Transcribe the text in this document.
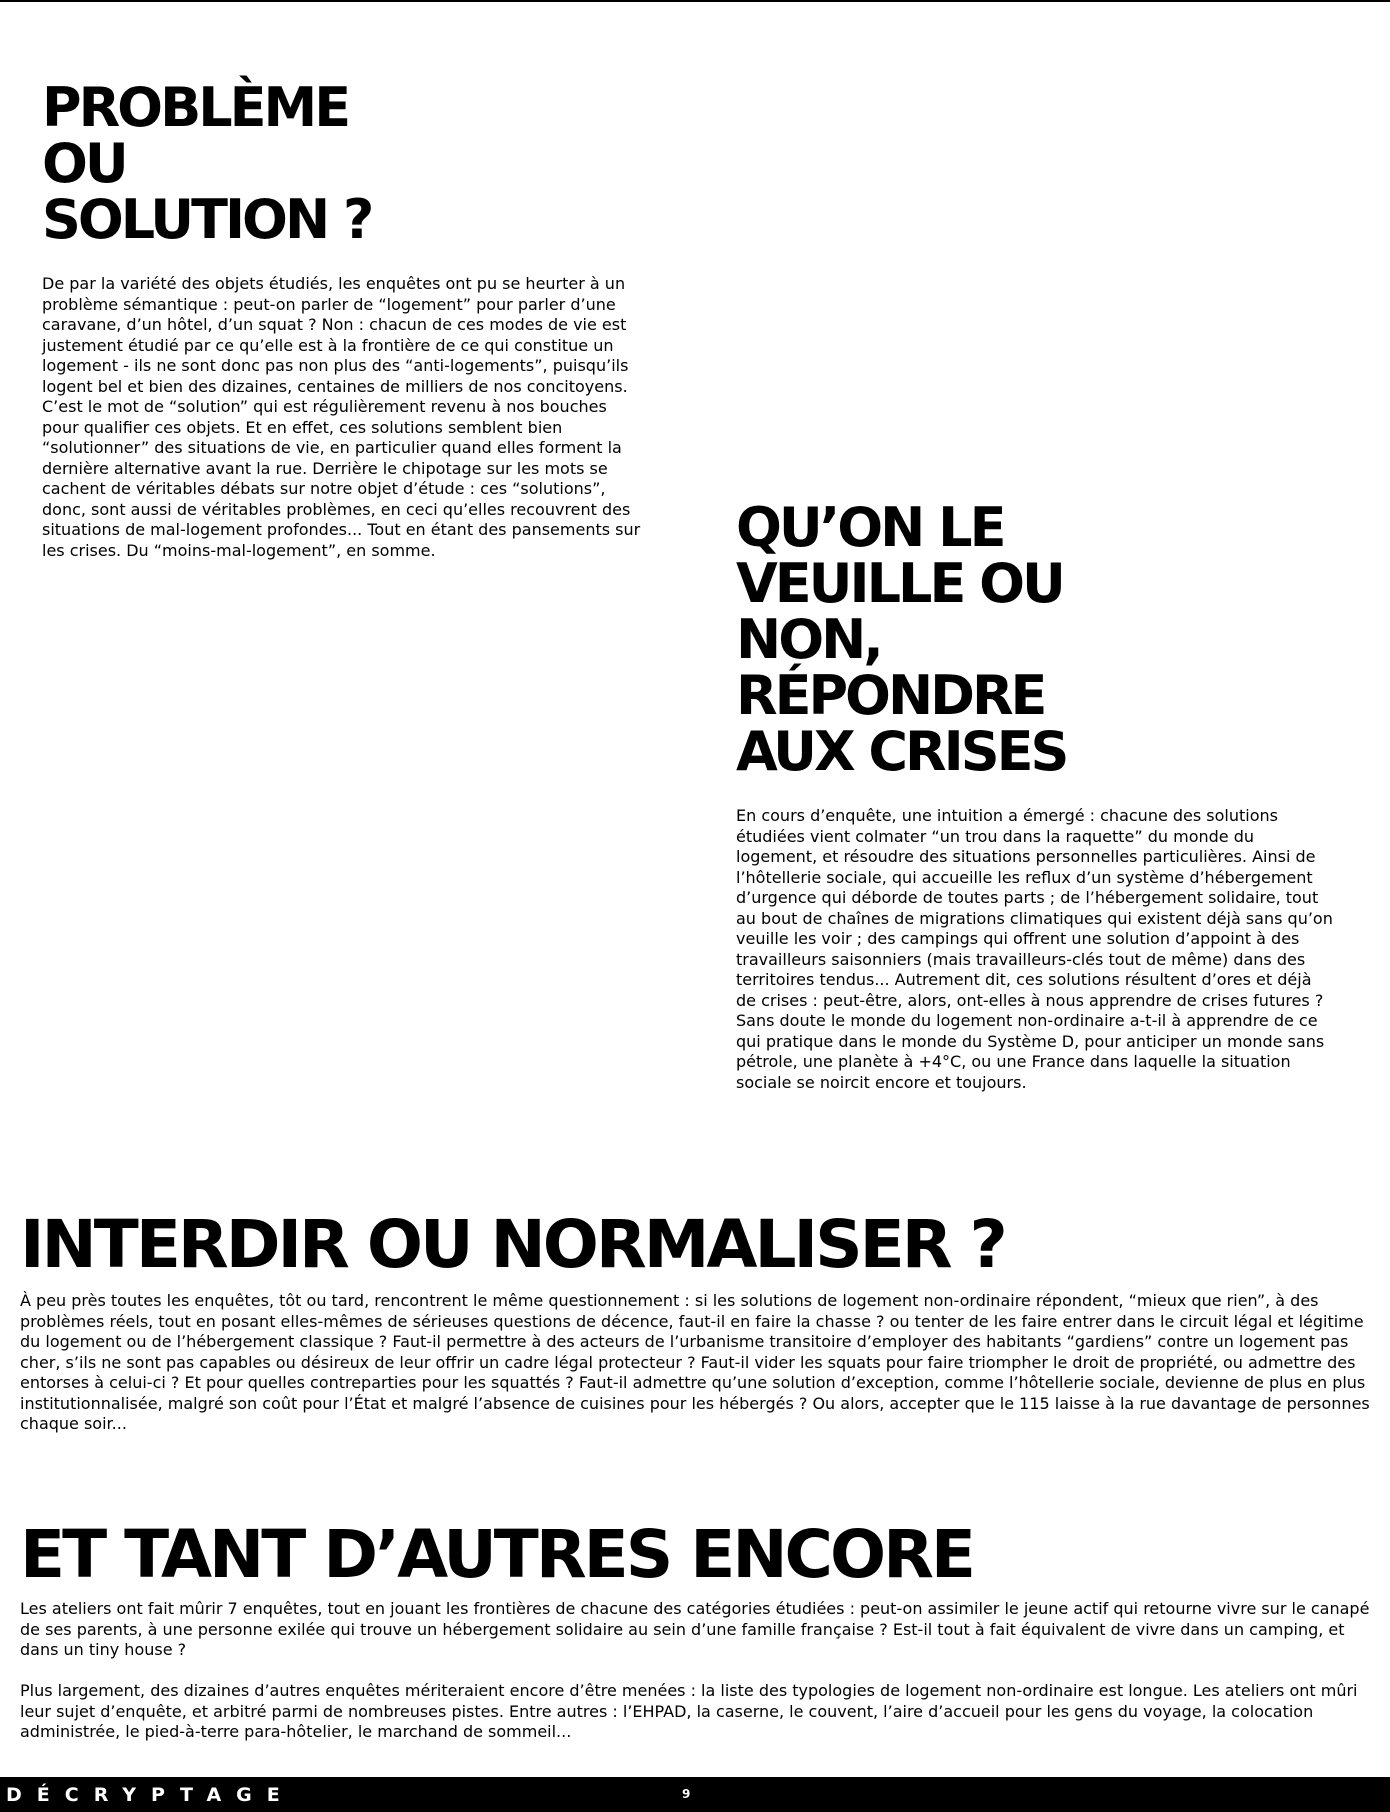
PROBLÈME
OU
SOLUTION ?

De par la variété des objets étudiés, les enquêtes ont pu se heurter à un problème sémantique : peut-on parler de “logement” pour parler d’une caravane, d’un hôtel, d’un squat ? Non : chacun de ces modes de vie est justement étudié par ce qu’elle est à la frontière de ce qui constitue un logement - ils ne sont donc pas non plus des “anti-logements”, puisqu’ils logent bel et bien des dizaines, centaines de milliers de nos concitoyens. C’est le mot de “solution” qui est régulièrement revenu à nos bouches pour qualifier ces objets. Et en effet, ces solutions semblent bien “solutionner” des situations de vie, en particulier quand elles forment la dernière alternative avant la rue. Derrière le chipotage sur les mots se cachent de véritables débats sur notre objet d’étude : ces “solutions”, donc, sont aussi de véritables problèmes, en ceci qu’elles recouvrent des situations de mal-logement profondes... Tout en étant des pansements sur les crises. Du “moins-mal-logement”, en somme.	QU’ON LE
VEUILLE OU
NON,
RÉPONDRE
AUX CRISES

En cours d’enquête, une intuition a émergé : chacune des solutions étudiées vient colmater “un trou dans la raquette” du monde du logement, et résoudre des situations personnelles particulières. Ainsi de l’hôtellerie sociale, qui accueille les reflux d’un système d’hébergement d’urgence qui déborde de toutes parts ; de l’hébergement solidaire, tout au bout de chaînes de migrations climatiques qui existent déjà sans qu’on veuille les voir ; des campings qui offrent une solution d’appoint à des travailleurs saisonniers (mais travailleurs-clés tout de même) dans des territoires tendus... Autrement dit, ces solutions résultent d’ores et déjà de crises : peut-être, alors, ont-elles à nous apprendre de crises futures ? Sans doute le monde du logement non-ordinaire a-t-il à apprendre de ce qui pratique dans le monde du Système D, pour anticiper un monde sans pétrole, une planète à +4°C, ou une France dans laquelle la situation sociale se noircit encore et toujours.

INTERDIR OU NORMALISER ?

À peu près toutes les enquêtes, tôt ou tard, rencontrent le même questionnement : si les solutions de logement non-ordinaire répondent, “mieux que rien”, à des problèmes réels, tout en posant elles-mêmes de sérieuses questions de décence, faut-il en faire la chasse ? ou tenter de les faire entrer dans le circuit légal et légitime du logement ou de l’hébergement classique ? Faut-il permettre à des acteurs de l’urbanisme transitoire d’employer des habitants “gardiens” contre un logement pas cher, s’ils ne sont pas capables ou désireux de leur offrir un cadre légal protecteur ? Faut-il vider les squats pour faire triompher le droit de propriété, ou admettre des entorses à celui-ci ? Et pour quelles contreparties pour les squattés ? Faut-il admettre qu’une solution d’exception, comme l’hôtellerie sociale, devienne de plus en plus institutionnalisée, malgré son coût pour l’État et malgré l’absence de cuisines pour les hébergés ? Ou alors, accepter que le 115 laisse à la rue davantage de personnes chaque soir...

ET TANT D’AUTRES ENCORE

Les ateliers ont fait mûrir 7 enquêtes, tout en jouant les frontières de chacune des catégories étudiées : peut-on assimiler le jeune actif qui retourne vivre sur le canapé de ses parents, à une personne exilée qui trouve un hébergement solidaire au sein d’une famille française ? Est-il tout à fait équivalent de vivre dans un camping, et dans un tiny house ?

Plus largement, des dizaines d’autres enquêtes mériteraient encore d’être menées : la liste des typologies de logement non-ordinaire est longue. Les ateliers ont mûri leur sujet d’enquête, et arbitré parmi de nombreuses pistes. Entre autres : l’EHPAD, la caserne, le couvent, l’aire d’accueil pour les gens du voyage, la colocation administrée, le pied-à-terre para-hôtelier, le marchand de sommeil...

DÉCRYPTAGE	9
